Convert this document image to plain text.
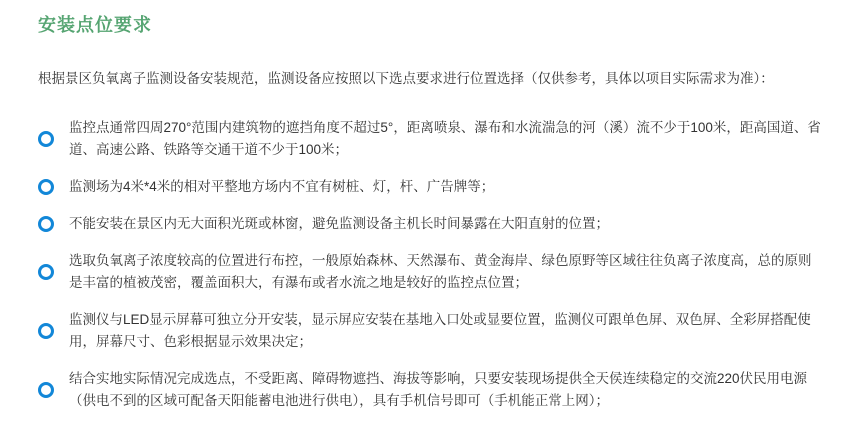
安装点位要求

根据景区负氧离子监测设备安装规范，监测设备应按照以下选点要求进行位置选择（仅供参考，具体以项目实际需求为准）：

监控点通常四周270°范围内建筑物的遮挡角度不超过5°，距离喷泉、瀑布和水流湍急的河（溪）流不少于100米，距高国道、省道、高速公路、铁路等交通干道不少于100米；

监测场为4米*4米的相对平整地方场内不宜有树桩、灯，杆、广告牌等；

不能安装在景区内无大面积光斑或林窗，避免监测设备主机长时间暴露在大阳直射的位置；

选取负氧离子浓度较高的位置进行布控，一般原始森林、天然瀑布、黄金海岸、绿色原野等区域往往负离子浓度高，总的原则是丰富的植被茂密，覆盖面积大，有瀑布或者水流之地是较好的监控点位置；

监测仪与LED显示屏幕可独立分开安装，显示屏应安装在基地入口处或显要位置，监测仪可跟单色屏、双色屏、全彩屏搭配使用，屏幕尺寸、色彩根据显示效果决定；

结合实地实际情况完成选点，不受距离、障碍物遮挡、海拔等影响，只要安装现场提供全天侯连续稳定的交流220伏民用电源（供电不到的区域可配备天阳能蓄电池进行供电），具有手机信号即可（手机能正常上网）；
